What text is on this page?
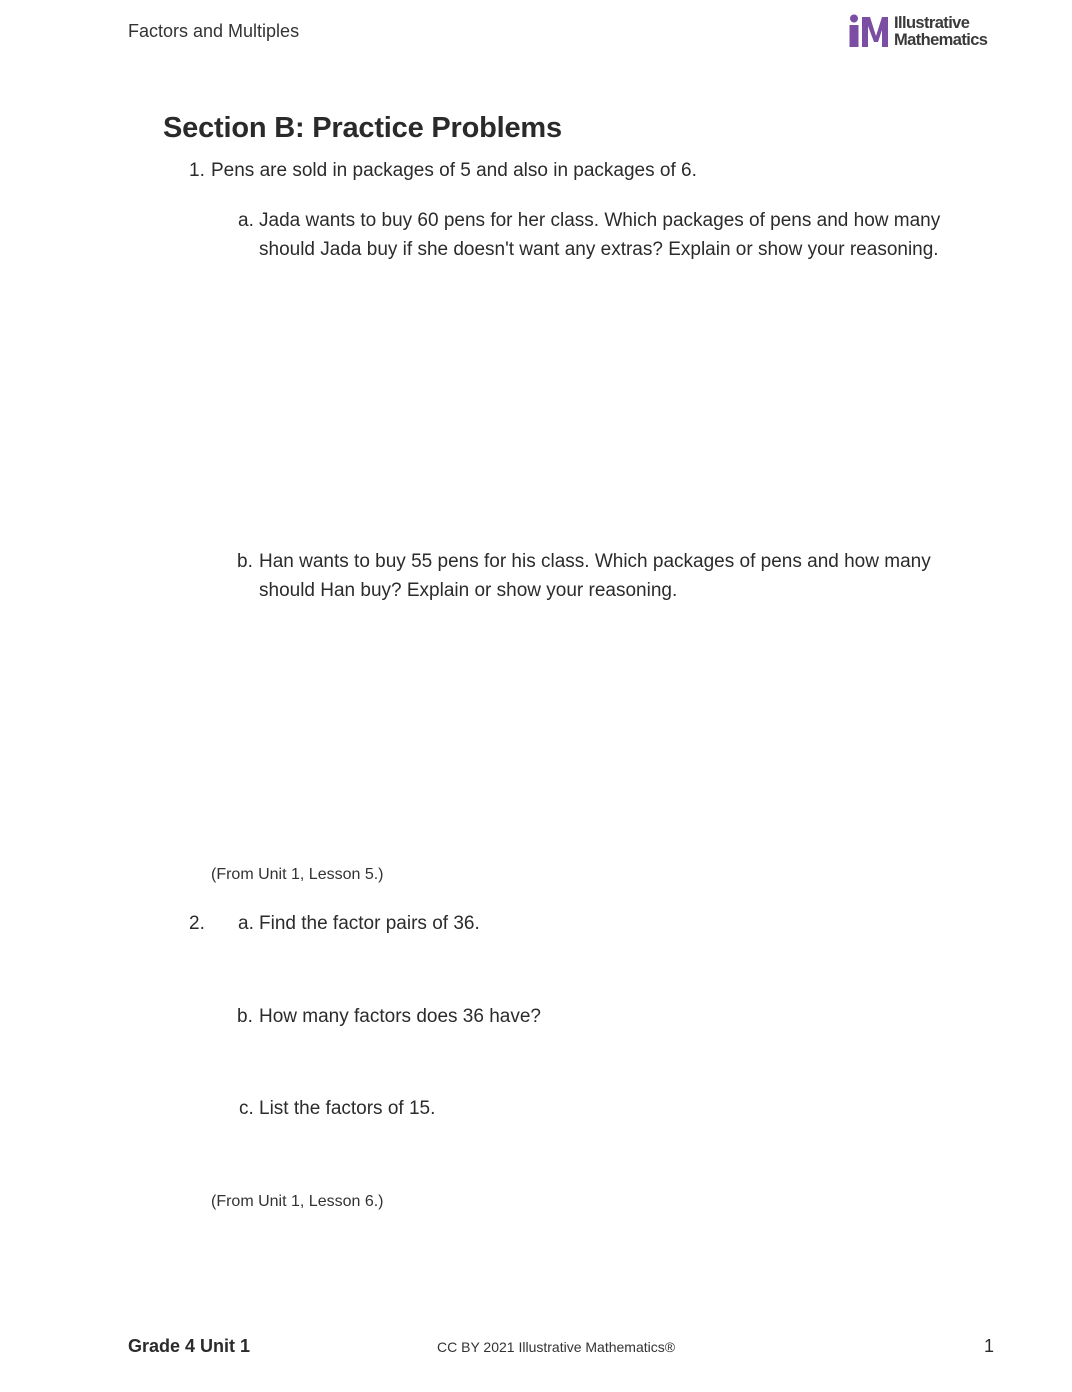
Factors and Multiples	Illustrative
Mathematics
Section B: Practice Problems
1. Pens are sold in packages of 5 and also in packages of 6.
a. Jada wants to buy 60 pens for her class. Which packages of pens and how many should Jada buy if she doesn't want any extras? Explain or show your reasoning.
b. Han wants to buy 55 pens for his class. Which packages of pens and how many should Han buy? Explain or show your reasoning.
(From Unit 1, Lesson 5.)
2. a. Find the factor pairs of 36.
b. How many factors does 36 have?
c. List the factors of 15.
(From Unit 1, Lesson 6.)
Grade 4 Unit 1	CC BY 2021 Illustrative Mathematics®	1
